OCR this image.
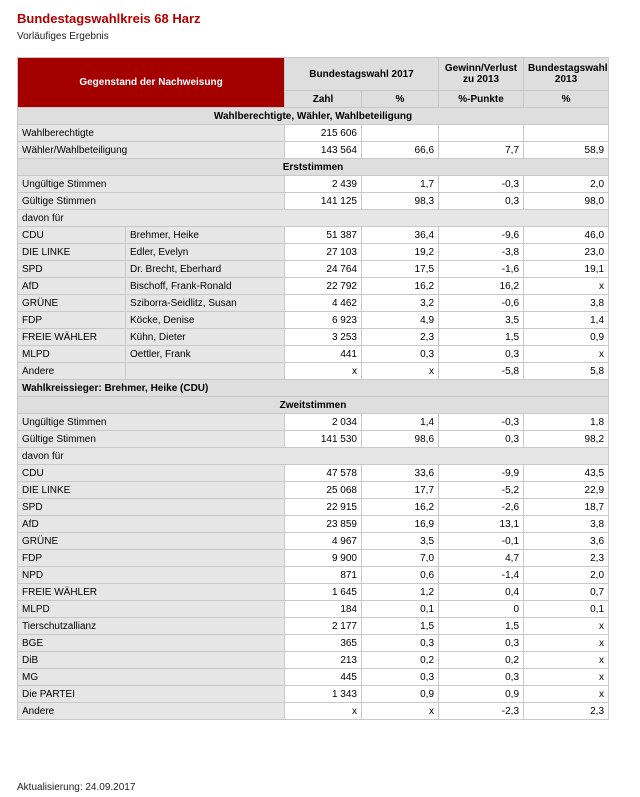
Bundestagswahlkreis 68 Harz
Vorläufiges Ergebnis
Gegenstand der Nachweisung		Bundestagswahl 2017		Gewinn/Verlust zu 2013	Bundestagswahl 2013
		Zahl	%	%-Punkte	%
Wahlberechtigte, Wähler, Wahlbeteiligung					
Wahlberechtigte		215 606			
Wähler/Wahlbeteiligung		143 564	66,6	7,7	58,9
Erststimmen					
Ungültige Stimmen		2 439	1,7	-0,3	2,0
Gültige Stimmen		141 125	98,3	0,3	98,0
davon für					
CDU	Brehmer, Heike	51 387	36,4	-9,6	46,0
DIE LINKE	Edler, Evelyn	27 103	19,2	-3,8	23,0
SPD	Dr. Brecht, Eberhard	24 764	17,5	-1,6	19,1
AfD	Bischoff, Frank-Ronald	22 792	16,2	16,2	x
GRÜNE	Sziborra-Seidlitz, Susan	4 462	3,2	-0,6	3,8
FDP	Köcke, Denise	6 923	4,9	3,5	1,4
FREIE WÄHLER	Kühn, Dieter	3 253	2,3	1,5	0,9
MLPD	Oettler, Frank	441	0,3	0,3	x
Andere		x	x	-5,8	5,8
Wahlkreissieger: Brehmer, Heike (CDU)					
Zweitstimmen					
Ungültige Stimmen		2 034	1,4	-0,3	1,8
Gültige Stimmen		141 530	98,6	0,3	98,2
davon für					
CDU		47 578	33,6	-9,9	43,5
DIE LINKE		25 068	17,7	-5,2	22,9
SPD		22 915	16,2	-2,6	18,7
AfD		23 859	16,9	13,1	3,8
GRÜNE		4 967	3,5	-0,1	3,6
FDP		9 900	7,0	4,7	2,3
NPD		871	0,6	-1,4	2,0
FREIE WÄHLER		1 645	1,2	0,4	0,7
MLPD		184	0,1	0	0,1
Tierschutzallianz		2 177	1,5	1,5	x
BGE		365	0,3	0,3	x
DiB		213	0,2	0,2	x
MG		445	0,3	0,3	x
Die PARTEI		1 343	0,9	0,9	x
Andere		x	x	-2,3	2,3
Aktualisierung: 24.09.2017
